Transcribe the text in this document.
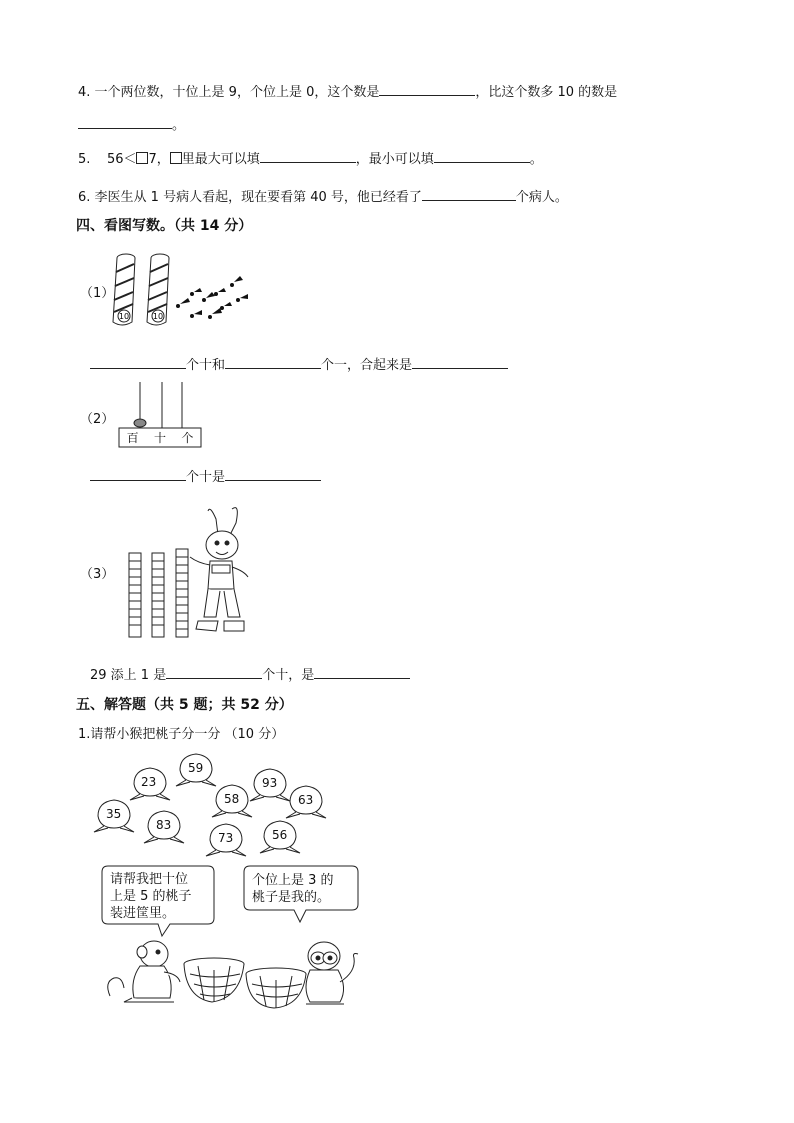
4. 一个两位数，十位上是 9，个位上是 0，这个数是	，比这个数多 10 的数是
。
5. 56＜ 7， 里最大可以填	，最小可以填	。
6. 李医生从 1 号病人看起，现在要看第 40 号，他已经看了	个病人。
四、看图写数。（共 14 分）
（1）
10	10
个十和	个一，合起来是
（2）
百 十 个
个十是
（3）
29 添上 1 是	个十，是
五、解答题（共 5 题；共 52 分）
1.请帮小猴把桃子分一分 （10 分）
23
59
93
58	63
35
83
73	56
请帮我把十位
上是 5 的桃子
装进筐里。
个位上是 3 的
桃子是我的。
